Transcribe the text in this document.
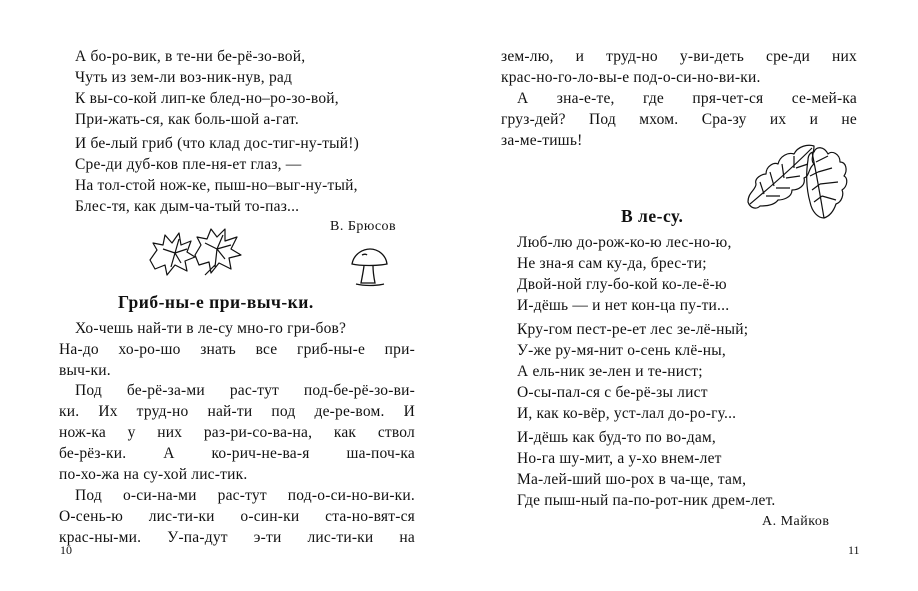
А бо-ро-вик, в те-ни бе-рё-зо-вой,
Чуть из зем-ли воз-ник-нув, рад
К вы-со-кой лип-ке блед-но–ро-зо-вой,
При-жать-ся, как боль-шой а-гат.
И бе-лый гриб (что клад дос-тиг-ну-тый!)
Сре-ди дуб-ков пле-ня-ет глаз, —
На тол-стой нож-ке, пыш-но–выг-ну-тый,
Блес-тя, как дым-ча-тый то-паз...
В. Брюсов
Гриб-ны-е при-выч-ки.
Хо-чешь най-ти в ле-су мно-го гри-бов?
На-до хо-ро-шо знать все гриб-ны-е при-
выч-ки.
Под бе-рё-за-ми рас-тут под-бе-рё-зо-ви-
ки. Их труд-но най-ти под де-ре-вом. И
нож-ка у них раз-ри-со-ва-на, как ствол
бе-рёз-ки. А ко-рич-не-ва-я ша-поч-ка
по-хо-жа на су-хой лис-тик.
Под о-си-на-ми рас-тут под-о-си-но-ви-ки.
О-сень-ю лис-ти-ки о-син-ки ста-но-вят-ся
крас-ны-ми. У-па-дут э-ти лис-ти-ки на
10
зем-лю, и труд-но у-ви-деть сре-ди них
крас-но-го-ло-вы-е под-о-си-но-ви-ки.
А зна-е-те, где пря-чет-ся се-мей-ка
груз-дей? Под мхом. Сра-зу их и не
за-ме-тишь!
В ле-су.
Люб-лю до-рож-ко-ю лес-но-ю,
Не зна-я сам ку-да, брес-ти;
Двой-ной глу-бо-кой ко-ле-ё-ю
И-дёшь — и нет кон-ца пу-ти...
Кру-гом пест-ре-ет лес зе-лё-ный;
У-же ру-мя-нит о-сень клё-ны,
А ель-ник зе-лен и те-нист;
О-сы-пал-ся с бе-рё-зы лист
И, как ко-вёр, уст-лал до-ро-гу...
И-дёшь как буд-то по во-дам,
Но-га шу-мит, а у-хо внем-лет
Ма-лей-ший шо-рох в ча-ще, там,
Где пыш-ный па-по-рот-ник дрем-лет.
А. Майков
11
